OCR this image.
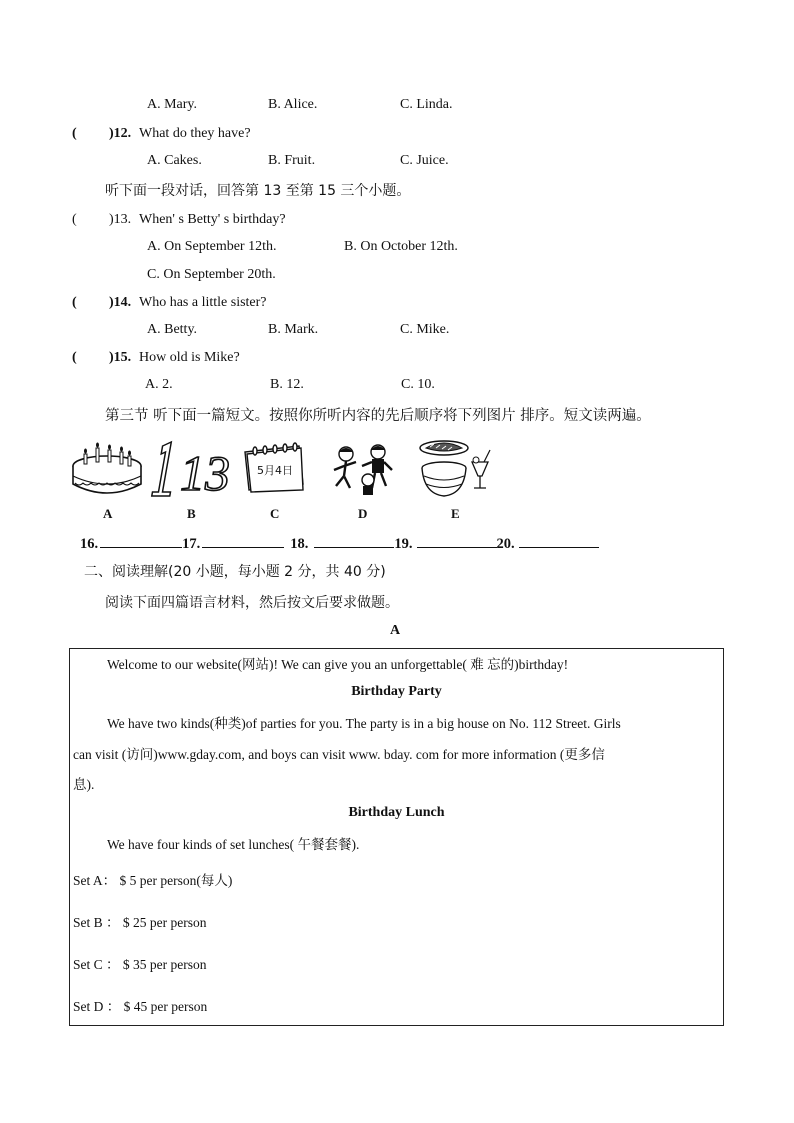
A. Mary.	B. Alice.	C. Linda.
( )12. What do they have?
A. Cakes.	B. Fruit.	C. Juice.
听下面一段对话，回答第 13 至第 15 三个小题。
( )13. When' s Betty' s birthday?
A. On September 12th.	B. On October 12th.
C. On September 20th.
( )14. Who has a little sister?
A. Betty.	B. Mark.	C. Mike.
( )15. How old is Mike?
A. 2.	B. 12.	C. 10.
第三节 听下面一篇短文。按照你所听内容的先后顺序将下列图片 排序。短文读两遍。
13 5月4日
A	B	C	D	E
16.	17.	18.	19.	20.
二、阅读理解(20 小题，每小题 2 分，共 40 分)
阅读下面四篇语言材料，然后按文后要求做题。
A
Welcome to our website(网站)! We can give you an unforgettable( 难 忘的)birthday!
Birthday Party
We have two kinds(种类)of parties for you. The party is in a big house on No. 112 Street. Girls
can visit (访问)www.gday.com, and boys can visit www. bday. com for more information (更多信
息).
Birthday Lunch
We have four kinds of set lunches( 午餐套餐).
Set A： $ 5 per person(每人)
Set B ： $ 25 per person
Set C ： $ 35 per person
Set D ： $ 45 per person
